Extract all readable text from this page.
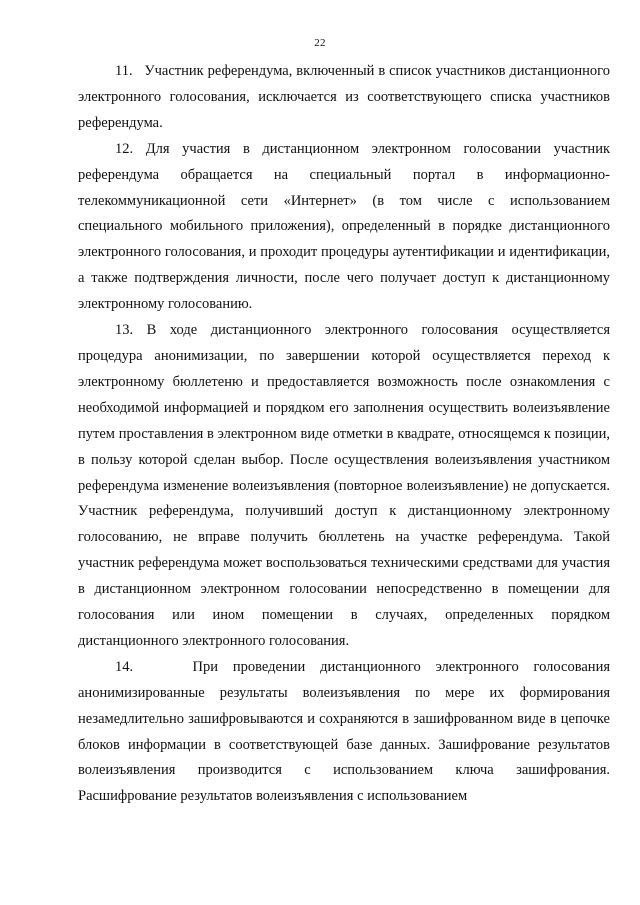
22

11.   Участник референдума, включенный в список участников дистанционного электронного голосования, исключается из соответствующего списка участников референдума.

12. Для участия в дистанционном электронном голосовании участник референдума обращается на специальный портал в информационно-телекоммуникационной сети «Интернет» (в том числе с использованием специального мобильного приложения), определенный в порядке дистанционного электронного голосования, и проходит процедуры аутентификации и идентификации, а также подтверждения личности, после чего получает доступ к дистанционному электронному голосованию.

13. В ходе дистанционного электронного голосования осуществляется процедура анонимизации, по завершении которой осуществляется переход к электронному бюллетеню и предоставляется возможность после ознакомления с необходимой информацией и порядком его заполнения осуществить волеизъявление путем проставления в электронном виде отметки в квадрате, относящемся к позиции, в пользу которой сделан выбор. После осуществления волеизъявления участником референдума изменение волеизъявления (повторное волеизъявление) не допускается. Участник референдума, получивший доступ к дистанционному электронному голосованию, не вправе получить бюллетень на участке референдума. Такой участник референдума может воспользоваться техническими средствами для участия в дистанционном электронном голосовании непосредственно в помещении для голосования или ином помещении в случаях, определенных порядком дистанционного электронного голосования.

14.    При проведении дистанционного электронного голосования анонимизированные результаты волеизъявления по мере их формирования незамедлительно зашифровываются и сохраняются в зашифрованном виде в цепочке блоков информации в соответствующей базе данных. Зашифрование результатов волеизъявления производится с использованием ключа зашифрования. Расшифрование результатов волеизъявления с использованием
